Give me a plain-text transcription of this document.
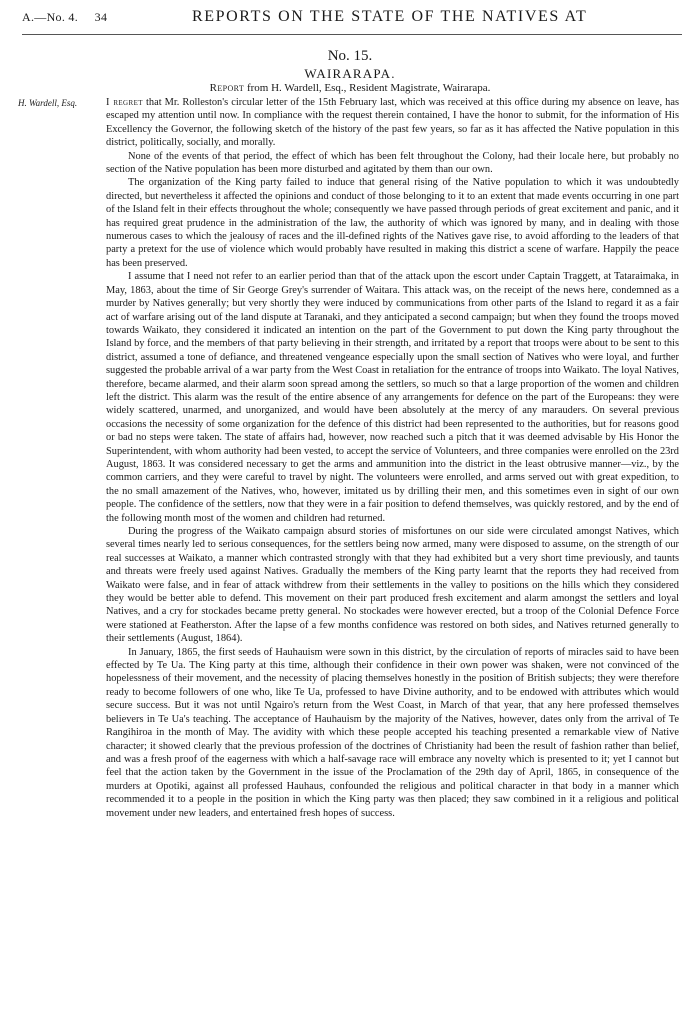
A.—No. 4. 34	REPORTS ON THE STATE OF THE NATIVES AT
No. 15.
WAIRARAPA.
Report from H. Wardell, Esq., Resident Magistrate, Wairarapa.
H. Wardell, Esq.	I regret that Mr. Rolleston's circular letter of the 15th February last, which was received at this office during my absence on leave, has escaped my attention until now. In compliance with the request therein contained, I have the honor to submit, for the information of His Excellency the Governor, the following sketch of the history of the past few years, so far as it has affected the Native population in this district, politically, socially, and morally.

None of the events of that period, the effect of which has been felt throughout the Colony, had their locale here, but probably no section of the Native population has been more disturbed and agitated by them than our own.

The organization of the King party failed to induce that general rising of the Native population to which it was undoubtedly directed, but nevertheless it affected the opinions and conduct of those belonging to it to an extent that made events occurring in one part of the Island felt in their effects throughout the whole; consequently we have passed through periods of great excitement and panic, and it has required great prudence in the administration of the law, the authority of which was ignored by many, and in dealing with those numerous cases to which the jealousy of races and the ill-defined rights of the Natives gave rise, to avoid affording to the leaders of that party a pretext for the use of violence which would probably have resulted in making this district a scene of warfare. Happily the peace has been preserved.

I assume that I need not refer to an earlier period than that of the attack upon the escort under Captain Traggett, at Tataraimaka, in May, 1863, about the time of Sir George Grey's surrender of Waitara. This attack was, on the receipt of the news here, condemned as a murder by Natives generally; but very shortly they were induced by communications from other parts of the Island to regard it as a fair act of warfare arising out of the land dispute at Taranaki, and they anticipated a second campaign; but when they found the troops moved towards Waikato, they considered it indicated an intention on the part of the Government to put down the King party throughout the Island by force, and the members of that party believing in their strength, and irritated by a report that troops were about to be sent to this district, assumed a tone of defiance, and threatened vengeance especially upon the small section of Natives who were loyal, and further suggested the probable arrival of a war party from the West Coast in retaliation for the entrance of troops into Waikato. The loyal Natives, therefore, became alarmed, and their alarm soon spread among the settlers, so much so that a large proportion of the women and children left the district. This alarm was the result of the entire absence of any arrangements for defence on the part of the Europeans: they were widely scattered, unarmed, and unorganized, and would have been absolutely at the mercy of any marauders. On several previous occasions the necessity of some organization for the defence of this district had been represented to the authorities, but for reasons good or bad no steps were taken. The state of affairs had, however, now reached such a pitch that it was deemed advisable by His Honor the Superintendent, with whom authority had been vested, to accept the service of Volunteers, and three companies were enrolled on the 23rd August, 1863. It was considered necessary to get the arms and ammunition into the district in the least obtrusive manner—viz., by the common carriers, and they were careful to travel by night. The volunteers were enrolled, and arms served out with great expedition, to the no small amazement of the Natives, who, however, imitated us by drilling their men, and this sometimes even in sight of our own people. The confidence of the settlers, now that they were in a fair position to defend themselves, was quickly restored, and by the end of the following month most of the women and children had returned.

During the progress of the Waikato campaign absurd stories of misfortunes on our side were circulated amongst Natives, which several times nearly led to serious consequences, for the settlers being now armed, many were disposed to assume, on the strength of our real successes at Waikato, a manner which contrasted strongly with that they had exhibited but a very short time previously, and taunts and threats were freely used against Natives. Gradually the members of the King party learnt that the reports they had received from Waikato were false, and in fear of attack withdrew from their settlements in the valley to positions on the hills which they considered they would be better able to defend. This movement on their part produced fresh excitement and alarm amongst the settlers and loyal Natives, and a cry for stockades became pretty general. No stockades were however erected, but a troop of the Colonial Defence Force were stationed at Featherston. After the lapse of a few months confidence was restored on both sides, and Natives returned generally to their settlements (August, 1864).

In January, 1865, the first seeds of Hauhauism were sown in this district, by the circulation of reports of miracles said to have been effected by Te Ua. The King party at this time, although their confidence in their own power was shaken, were not convinced of the hopelessness of their movement, and the necessity of placing themselves honestly in the position of British subjects; they were therefore ready to become followers of one who, like Te Ua, professed to have Divine authority, and to be endowed with attributes which would secure success. But it was not until Ngairo's return from the West Coast, in March of that year, that any here professed themselves believers in Te Ua's teaching. The acceptance of Hauhauism by the majority of the Natives, however, dates only from the arrival of Te Rangihiroa in the month of May. The avidity with which these people accepted his teaching presented a remarkable view of Native character; it showed clearly that the previous profession of the doctrines of Christianity had been the result of fashion rather than belief, and was a fresh proof of the eagerness with which a half-savage race will embrace any novelty which is presented to it; yet I cannot but feel that the action taken by the Government in the issue of the Proclamation of the 29th day of April, 1865, in consequence of the murders at Opotiki, against all professed Hauhaus, confounded the religious and political character in that body in a manner which recommended it to a people in the position in which the King party was then placed; they saw combined in it a religious and political movement under new leaders, and entertained fresh hopes of success.
